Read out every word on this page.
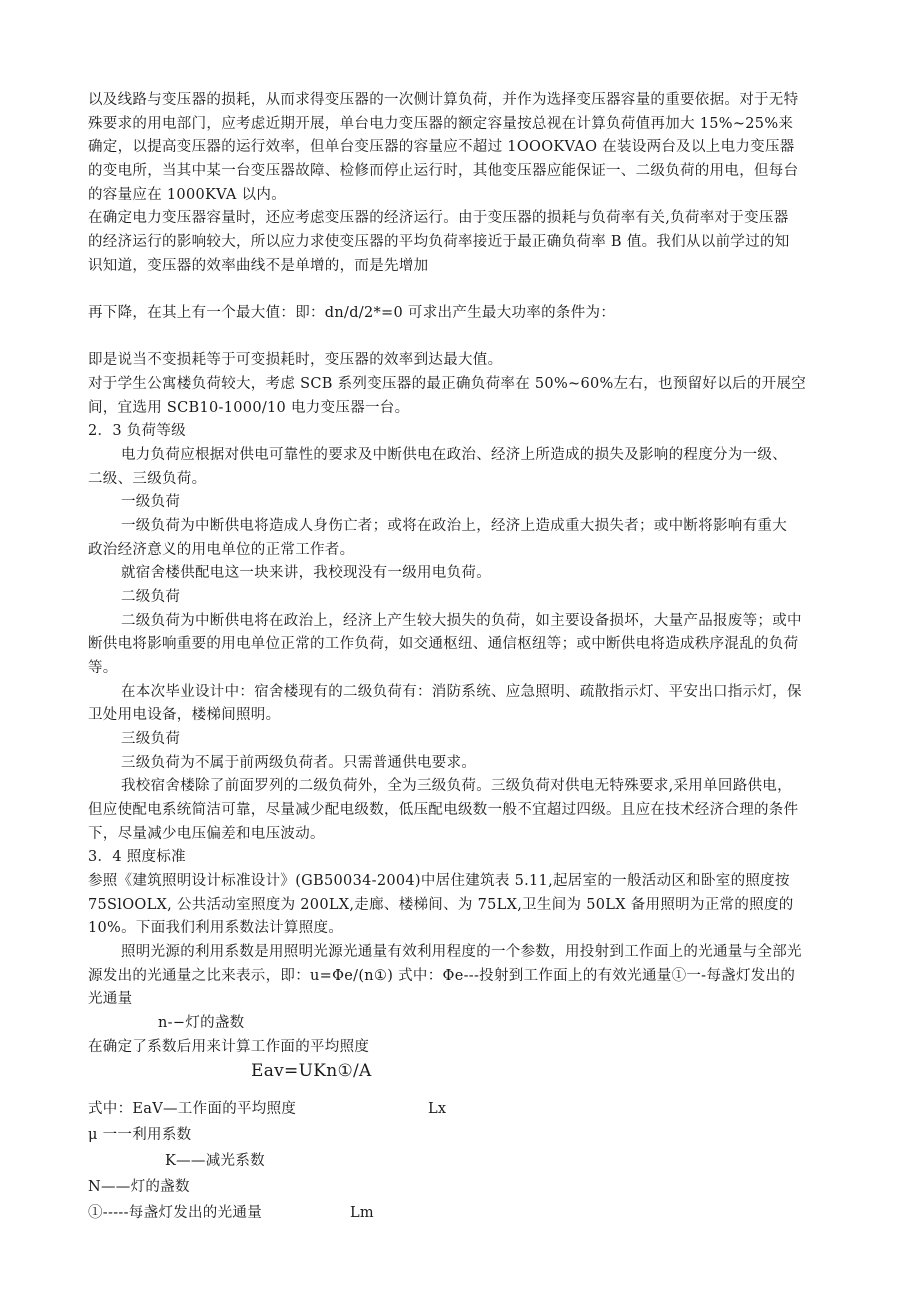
以及线路与变压器的损耗，从而求得变压器的一次侧计算负荷，并作为选择变压器容量的重要依据。对于无特

殊要求的用电部门，应考虑近期开展，单台电力变压器的额定容量按总视在计算负荷值再加大 15%~25%来

确定，以提高变压器的运行效率，但单台变压器的容量应不超过 1OOOKVAO 在装设两台及以上电力变压器

的变电所，当其中某一台变压器故障、检修而停止运行时，其他变压器应能保证一、二级负荷的用电，但每台

的容量应在 1000KVA 以内。

在确定电力变压器容量时，还应考虑变压器的经济运行。由于变压器的损耗与负荷率有关,负荷率对于变压器

的经济运行的影响较大，所以应力求使变压器的平均负荷率接近于最正确负荷率 B 值。我们从以前学过的知

识知道，变压器的效率曲线不是单增的，而是先增加

再下降，在其上有一个最大值：即：dn/d/2*=0 可求出产生最大功率的条件为：

即是说当不变损耗等于可变损耗时，变压器的效率到达最大值。

对于学生公寓楼负荷较大，考虑 SCB 系列变压器的最正确负荷率在 50%~60%左右，也预留好以后的开展空

间，宜选用 SCB10-1000/10 电力变压器一台。

2．3 负荷等级

电力负荷应根据对供电可靠性的要求及中断供电在政治、经济上所造成的损失及影响的程度分为一级、

二级、三级负荷。

一级负荷

一级负荷为中断供电将造成人身伤亡者；或将在政治上，经济上造成重大损失者；或中断将影响有重大

政治经济意义的用电单位的正常工作者。

就宿舍楼供配电这一块来讲，我校现没有一级用电负荷。

二级负荷

二级负荷为中断供电将在政治上，经济上产生较大损失的负荷，如主要设备损坏，大量产品报废等；或中

断供电将影响重要的用电单位正常的工作负荷，如交通枢纽、通信枢纽等；或中断供电将造成秩序混乱的负荷

等。

在本次毕业设计中：宿舍楼现有的二级负荷有：消防系统、应急照明、疏散指示灯、平安出口指示灯，保

卫处用电设备，楼梯间照明。

三级负荷

三级负荷为不属于前两级负荷者。只需普通供电要求。

我校宿舍楼除了前面罗列的二级负荷外，全为三级负荷。三级负荷对供电无特殊要求,采用单回路供电，

但应使配电系统简洁可靠，尽量减少配电级数，低压配电级数一般不宜超过四级。且应在技术经济合理的条件

下，尽量减少电压偏差和电压波动。

3．4 照度标准

参照《建筑照明设计标准设计》(GB50034-2004)中居住建筑表 5.11,起居室的一般活动区和卧室的照度按

75SlOOLX, 公共活动室照度为 200LX,走廊、楼梯间、为 75LX,卫生间为 50LX 备用照明为正常的照度的

10%。下面我们利用系数法计算照度。

照明光源的利用系数是用照明光源光通量有效利用程度的一个参数，用投射到工作面上的光通量与全部光

源发出的光通量之比来表示，即：u=Φe/(n①) 式中：Φe---投射到工作面上的有效光通量①一-每盏灯发出的

光通量

n-−灯的盏数

在确定了系数后用来计算工作面的平均照度

Eav=UKn①/A

式中：EaV—工作面的平均照度	Lx

μ 一一利用系数

K——减光系数

N——灯的盏数

①-----每盏灯发出的光通量	Lm
